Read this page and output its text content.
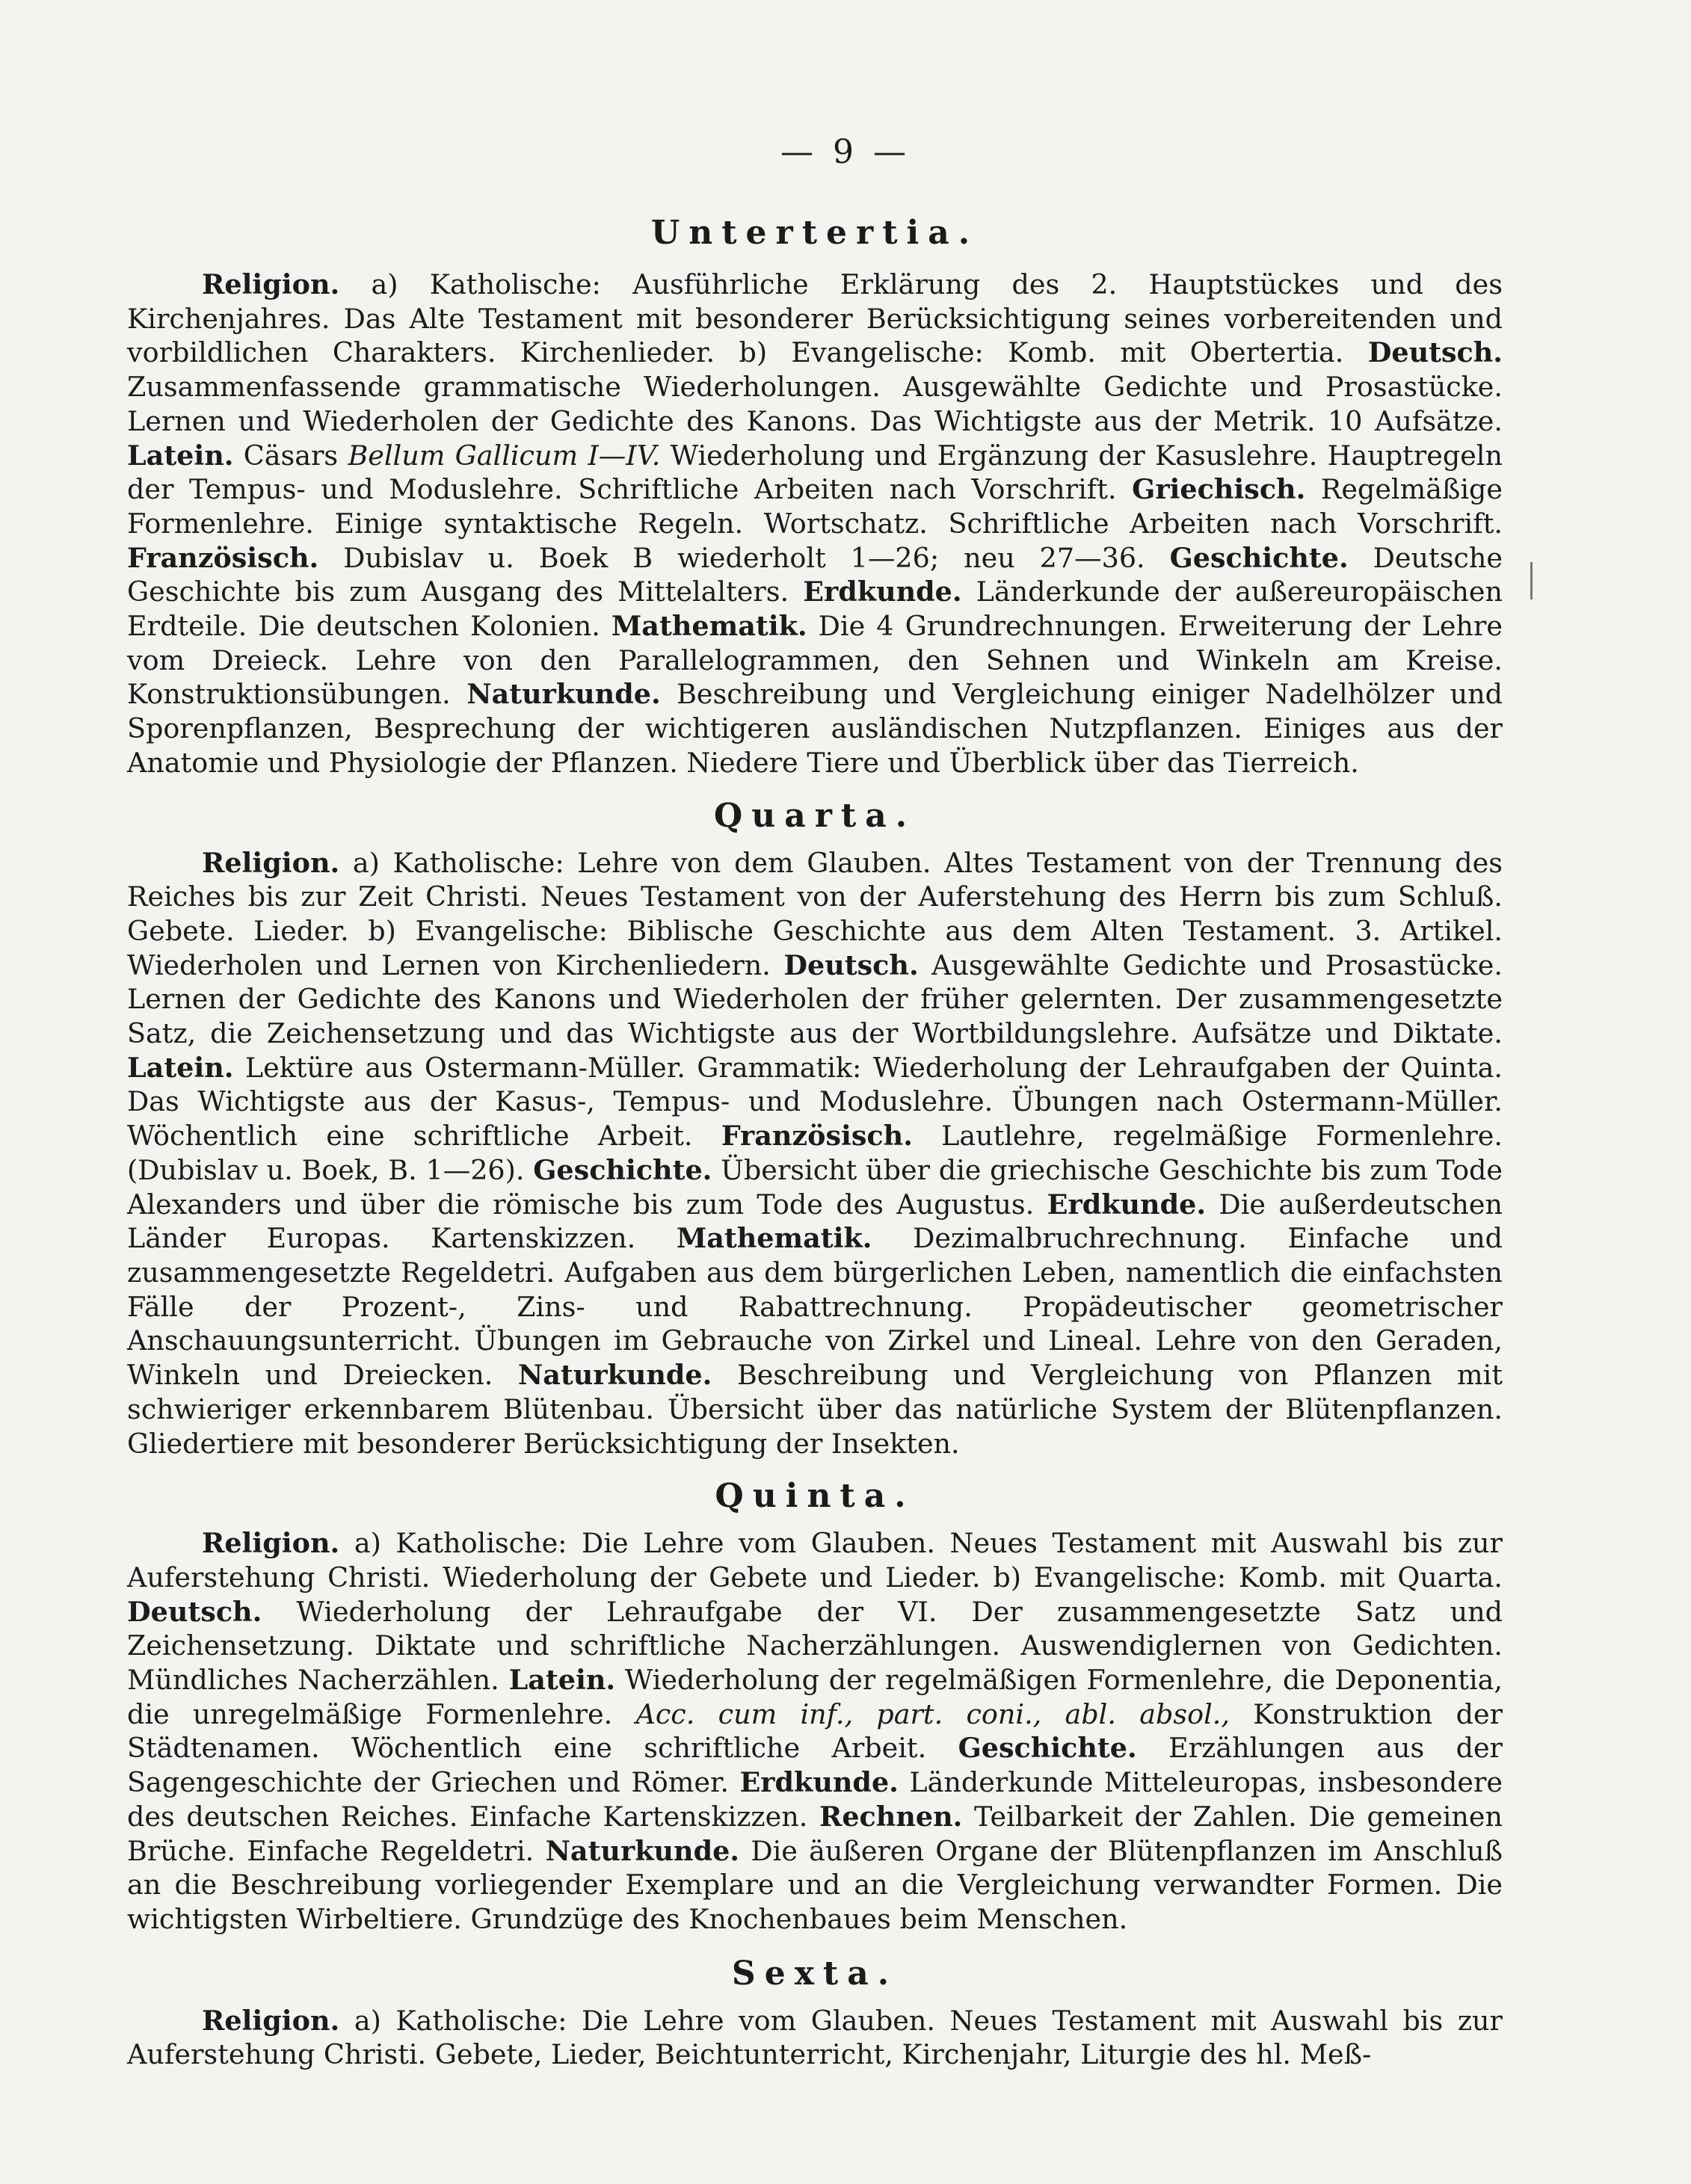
— 9 —
Untertertia.

Religion. a) Katholische: Ausführliche Erklärung des 2. Hauptstückes und des Kirchenjahres. Das Alte Testament mit besonderer Berücksichtigung seines vorbereitenden und vorbildlichen Charakters. Kirchenlieder. b) Evangelische: Komb. mit Obertertia. Deutsch. Zusammenfassende grammatische Wiederholungen. Ausgewählte Gedichte und Prosastücke. Lernen und Wiederholen der Gedichte des Kanons. Das Wichtigste aus der Metrik. 10 Aufsätze. Latein. Cäsars Bellum Gallicum I—IV. Wiederholung und Ergänzung der Kasuslehre. Hauptregeln der Tempus- und Moduslehre. Schriftliche Arbeiten nach Vorschrift. Griechisch. Regelmäßige Formenlehre. Einige syntaktische Regeln. Wortschatz. Schriftliche Arbeiten nach Vorschrift. Französisch. Dubislav u. Boek B wiederholt 1—26; neu 27—36. Geschichte. Deutsche Geschichte bis zum Ausgang des Mittelalters. Erdkunde. Länderkunde der außereuropäischen Erdteile. Die deutschen Kolonien. Mathematik. Die 4 Grundrechnungen. Erweiterung der Lehre vom Dreieck. Lehre von den Parallelogrammen, den Sehnen und Winkeln am Kreise. Konstruktionsübungen. Naturkunde. Beschreibung und Vergleichung einiger Nadelhölzer und Sporenpflanzen, Besprechung der wichtigeren ausländischen Nutzpflanzen. Einiges aus der Anatomie und Physiologie der Pflanzen. Niedere Tiere und Überblick über das Tierreich.

Quarta.

Religion. a) Katholische: Lehre von dem Glauben. Altes Testament von der Trennung des Reiches bis zur Zeit Christi. Neues Testament von der Auferstehung des Herrn bis zum Schluß. Gebete. Lieder. b) Evangelische: Biblische Geschichte aus dem Alten Testament. 3. Artikel. Wiederholen und Lernen von Kirchenliedern. Deutsch. Ausgewählte Gedichte und Prosastücke. Lernen der Gedichte des Kanons und Wiederholen der früher gelernten. Der zusammengesetzte Satz, die Zeichensetzung und das Wichtigste aus der Wortbildungslehre. Aufsätze und Diktate. Latein. Lektüre aus Ostermann-Müller. Grammatik: Wiederholung der Lehraufgaben der Quinta. Das Wichtigste aus der Kasus-, Tempus- und Moduslehre. Übungen nach Ostermann-Müller. Wöchentlich eine schriftliche Arbeit. Französisch. Lautlehre, regelmäßige Formenlehre. (Dubislav u. Boek, B. 1—26). Geschichte. Übersicht über die griechische Geschichte bis zum Tode Alexanders und über die römische bis zum Tode des Augustus. Erdkunde. Die außerdeutschen Länder Europas. Kartenskizzen. Mathematik. Dezimalbruchrechnung. Einfache und zusammengesetzte Regeldetri. Aufgaben aus dem bürgerlichen Leben, namentlich die einfachsten Fälle der Prozent-, Zins- und Rabattrechnung. Propädeutischer geometrischer Anschauungsunterricht. Übungen im Gebrauche von Zirkel und Lineal. Lehre von den Geraden, Winkeln und Dreiecken. Naturkunde. Beschreibung und Vergleichung von Pflanzen mit schwieriger erkennbarem Blütenbau. Übersicht über das natürliche System der Blütenpflanzen. Gliedertiere mit besonderer Berücksichtigung der Insekten.

Quinta.

Religion. a) Katholische: Die Lehre vom Glauben. Neues Testament mit Auswahl bis zur Auferstehung Christi. Wiederholung der Gebete und Lieder. b) Evangelische: Komb. mit Quarta. Deutsch. Wiederholung der Lehraufgabe der VI. Der zusammengesetzte Satz und Zeichensetzung. Diktate und schriftliche Nacherzählungen. Auswendiglernen von Gedichten. Mündliches Nacherzählen. Latein. Wiederholung der regelmäßigen Formenlehre, die Deponentia, die unregelmäßige Formenlehre. Acc. cum inf., part. coni., abl. absol., Konstruktion der Städtenamen. Wöchentlich eine schriftliche Arbeit. Geschichte. Erzählungen aus der Sagengeschichte der Griechen und Römer. Erdkunde. Länderkunde Mitteleuropas, insbesondere des deutschen Reiches. Einfache Kartenskizzen. Rechnen. Teilbarkeit der Zahlen. Die gemeinen Brüche. Einfache Regeldetri. Naturkunde. Die äußeren Organe der Blütenpflanzen im Anschluß an die Beschreibung vorliegender Exemplare und an die Vergleichung verwandter Formen. Die wichtigsten Wirbeltiere. Grundzüge des Knochenbaues beim Menschen.

Sexta.

Religion. a) Katholische: Die Lehre vom Glauben. Neues Testament mit Auswahl bis zur Auferstehung Christi. Gebete, Lieder, Beichtunterricht, Kirchenjahr, Liturgie des hl. Meß-
